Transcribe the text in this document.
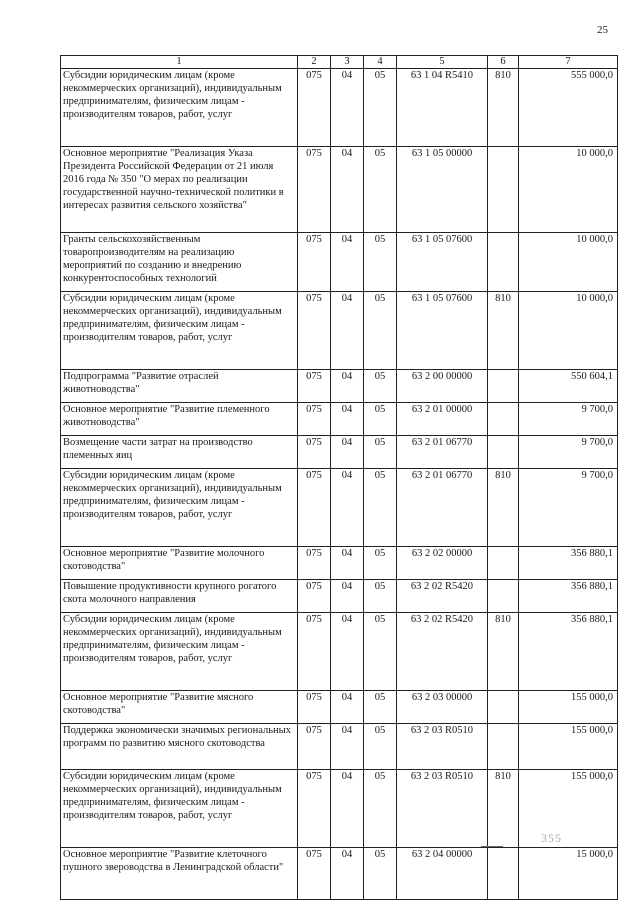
25
1	2	3	4	5	6	7
Субсидии юридическим лицам (кроме некоммерческих организаций), индивидуальным предпринимателям, физическим лицам - производителям товаров, работ, услуг	075	04	05	63 1 04 R5410	810	555 000,0
Основное мероприятие "Реализация Указа Президента Российской Федерации от 21 июля 2016 года № 350 "О мерах по реализации государственной научно-технической политики в интересах развития сельского хозяйства"	075	04	05	63 1 05 00000		10 000,0
Гранты сельскохозяйственным товаропроизводителям на реализацию мероприятий по созданию и внедрению конкурентоспособных технологий	075	04	05	63 1 05 07600		10 000,0
Субсидии юридическим лицам (кроме некоммерческих организаций), индивидуальным предпринимателям, физическим лицам - производителям товаров, работ, услуг	075	04	05	63 1 05 07600	810	10 000,0
Подпрограмма "Развитие отраслей животноводства"	075	04	05	63 2 00 00000		550 604,1
Основное мероприятие "Развитие племенного животноводства"	075	04	05	63 2 01 00000		9 700,0
Возмещение части затрат на производство племенных яиц	075	04	05	63 2 01 06770		9 700,0
Субсидии юридическим лицам (кроме некоммерческих организаций), индивидуальным предпринимателям, физическим лицам - производителям товаров, работ, услуг	075	04	05	63 2 01 06770	810	9 700,0
Основное мероприятие "Развитие молочного скотоводства"	075	04	05	63 2 02 00000		356 880,1
Повышение продуктивности крупного рогатого скота молочного направления	075	04	05	63 2 02 R5420		356 880,1
Субсидии юридическим лицам (кроме некоммерческих организаций), индивидуальным предпринимателям, физическим лицам - производителям товаров, работ, услуг	075	04	05	63 2 02 R5420	810	356 880,1
Основное мероприятие "Развитие мясного скотоводства"	075	04	05	63 2 03 00000		155 000,0
Поддержка экономически значимых региональных программ по развитию мясного скотоводства	075	04	05	63 2 03 R0510		155 000,0
Субсидии юридическим лицам (кроме некоммерческих организаций), индивидуальным предпринимателям, физическим лицам - производителям товаров, работ, услуг	075	04	05	63 2 03 R0510	810	155 000,0
Основное мероприятие "Развитие клеточного пушного звероводства в Ленинградской области"	075	04	05	63 2 04 00000		15 000,0
355
